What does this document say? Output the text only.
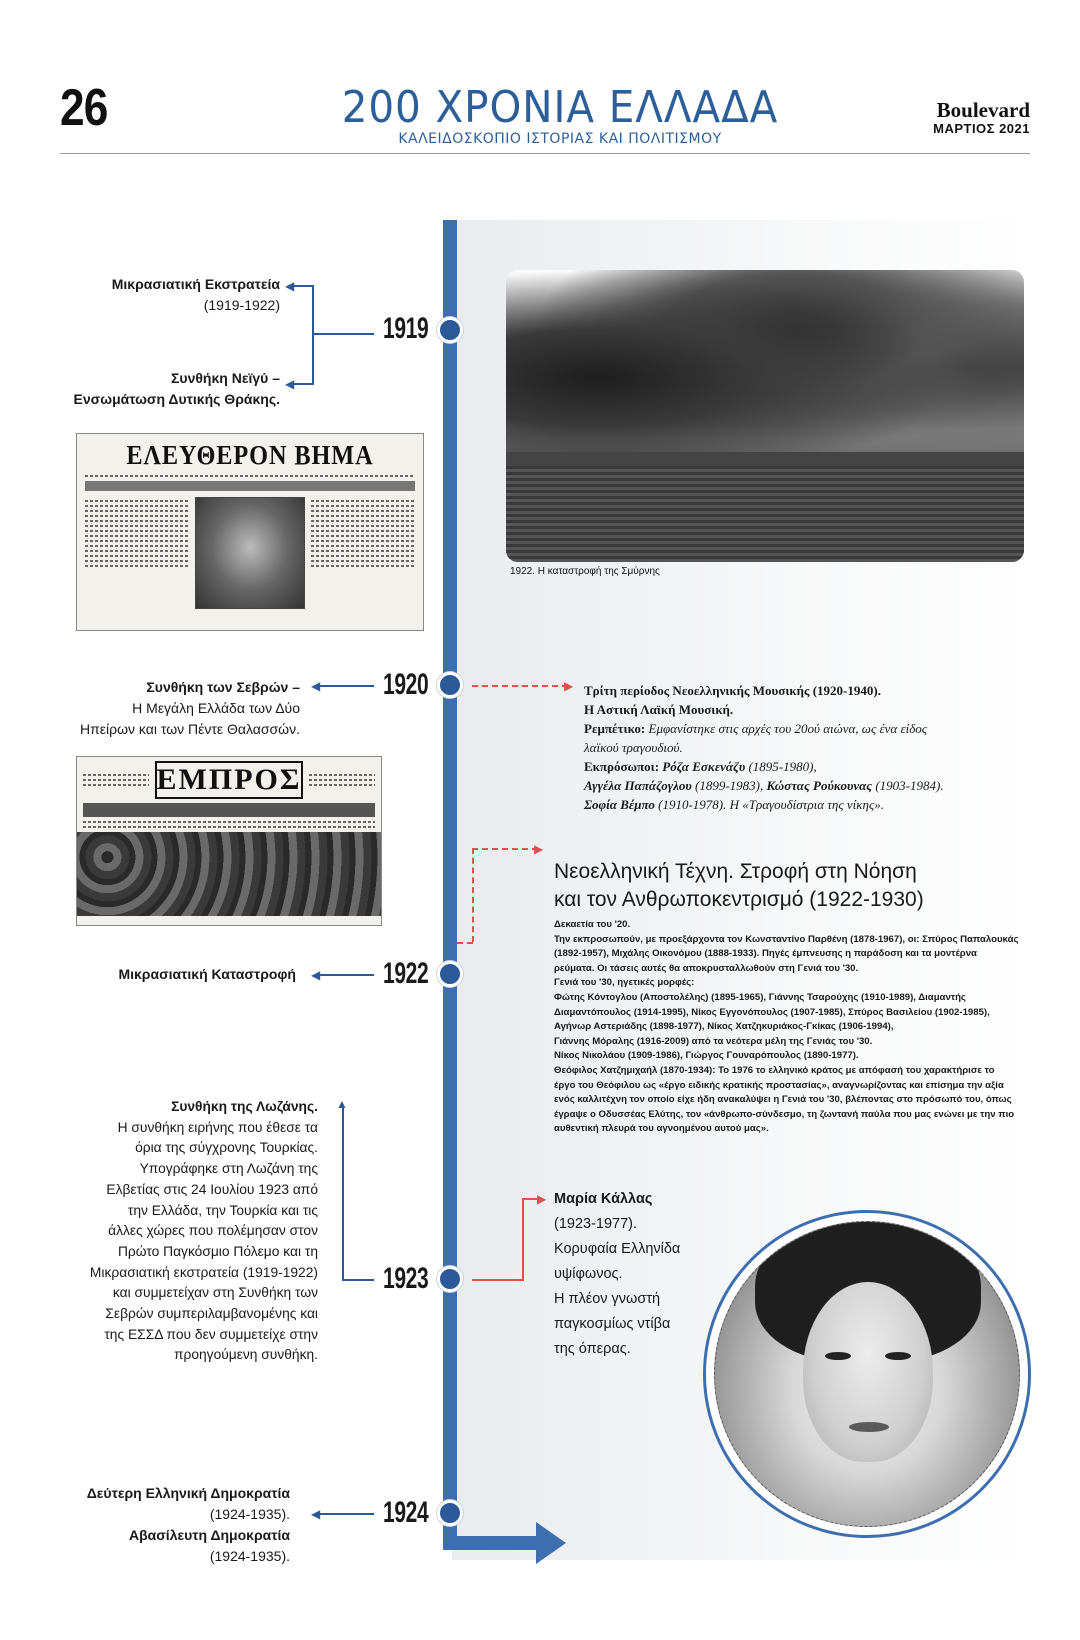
26	200 ΧΡΟΝΙΑ ΕΛΛΑΔΑ
ΚΑΛΕΙΔΟΣΚΟΠΙΟ ΙΣΤΟΡΙΑΣ ΚΑΙ ΠΟΛΙΤΙΣΜΟΥ
Boulevard
ΜΑΡΤΙΟΣ 2021
1919
1920
1922
1923
1924
Μικρασιατική Εκστρατεία
(1919-1922)
Συνθήκη Νεϊγύ –
Ενσωμάτωση Δυτικής Θράκης.
◀
◀
ΕΛΕΥΘΕΡΟΝ ΒΗΜΑ
1922. Η καταστροφή της Σμύρνης
Συνθήκη των Σεβρών –
Η Μεγάλη Ελλάδα των Δύο
Ηπείρων και των Πέντε Θαλασσών.
◀	▶ Τρίτη περίοδος Νεοελληνικής Μουσικής (1920-1940).
Η Αστική Λαϊκή Μουσική.
Ρεμπέτικο: Εμφανίστηκε στις αρχές του 20ού αιώνα, ως ένα είδος
λαϊκού τραγουδιού.
Εκπρόσωποι: Ρόζα Εσκενάζυ (1895-1980),
Αγγέλα Παπάζογλου (1899-1983), Κώστας Ρούκουνας (1903-1984).
Σοφία Βέμπο (1910-1978). Η «Τραγουδίστρια της νίκης».
ΕΜΠΡΟΣ
▶
Νεοελληνική Τέχνη. Στροφή στη Νόηση
και τον Ανθρωποκεντρισμό (1922-1930)
Δεκαετία του '20.
Την εκπροσωπούν, με προεξάρχοντα τον Κωνσταντίνο Παρθένη (1878-1967), οι: Σπύρος Παπαλουκάς
(1892-1957), Μιχάλης Οικονόμου (1888-1933). Πηγές έμπνευσης η παράδοση και τα μοντέρνα
ρεύματα. Οι τάσεις αυτές θα αποκρυσταλλωθούν στη Γενιά του '30.
Γενιά του '30, ηγετικές μορφές:
Φώτης Κόντογλου (Αποστολέλης) (1895-1965), Γιάννης Τσαρούχης (1910-1989), Διαμαντής
Διαμαντόπουλος (1914-1995), Νίκος Εγγονόπουλος (1907-1985), Σπύρος Βασιλείου (1902-1985),
Αγήνωρ Αστεριάδης (1898-1977), Νίκος Χατζηκυριάκος-Γκίκας (1906-1994),
Γιάννης Μόραλης (1916-2009) από τα νεότερα μέλη της Γενιάς του '30.
Νίκος Νικολάου (1909-1986), Γιώργος Γουναρόπουλος (1890-1977).
Θεόφιλος Χατζημιχαήλ (1870-1934): Το 1976 το ελληνικό κράτος με απόφασή του χαρακτήρισε το
έργο του Θεόφιλου ως «έργο ειδικής κρατικής προστασίας», αναγνωρίζοντας και επίσημα την αξία
ενός καλλιτέχνη τον οποίο είχε ήδη ανακαλύψει η Γενιά του '30, βλέποντας στο πρόσωπό του, όπως
έγραψε ο Οδυσσέας Ελύτης, τον «άνθρωπο-σύνδεσμο, τη ζωντανή παύλα που μας ενώνει με την πιο
αυθεντική πλευρά του αγνοημένου αυτού μας».
Μικρασιατική Καταστροφή ◀
Συνθήκη της Λωζάνης.
Η συνθήκη ειρήνης που έθεσε τα
όρια της σύγχρονης Τουρκίας.
Υπογράφηκε στη Λωζάνη της
Ελβετίας στις 24 Ιουλίου 1923 από
την Ελλάδα, την Τουρκία και τις
άλλες χώρες που πολέμησαν στον
Πρώτο Παγκόσμιο Πόλεμο και τη
Μικρασιατική εκστρατεία (1919-1922)
και συμμετείχαν στη Συνθήκη των
Σεβρών συμπεριλαμβανομένης και
της ΕΣΣΔ που δεν συμμετείχε στην
προηγούμενη συνθήκη.
▲
▶ Μαρία Κάλλας
(1923-1977).
Κορυφαία Ελληνίδα
υψίφωνος.
Η πλέον γνωστή
παγκοσμίως ντίβα
της όπερας.
Δεύτερη Ελληνική Δημοκρατία
(1924-1935).
Αβασίλευτη Δημοκρατία
(1924-1935).
◀
